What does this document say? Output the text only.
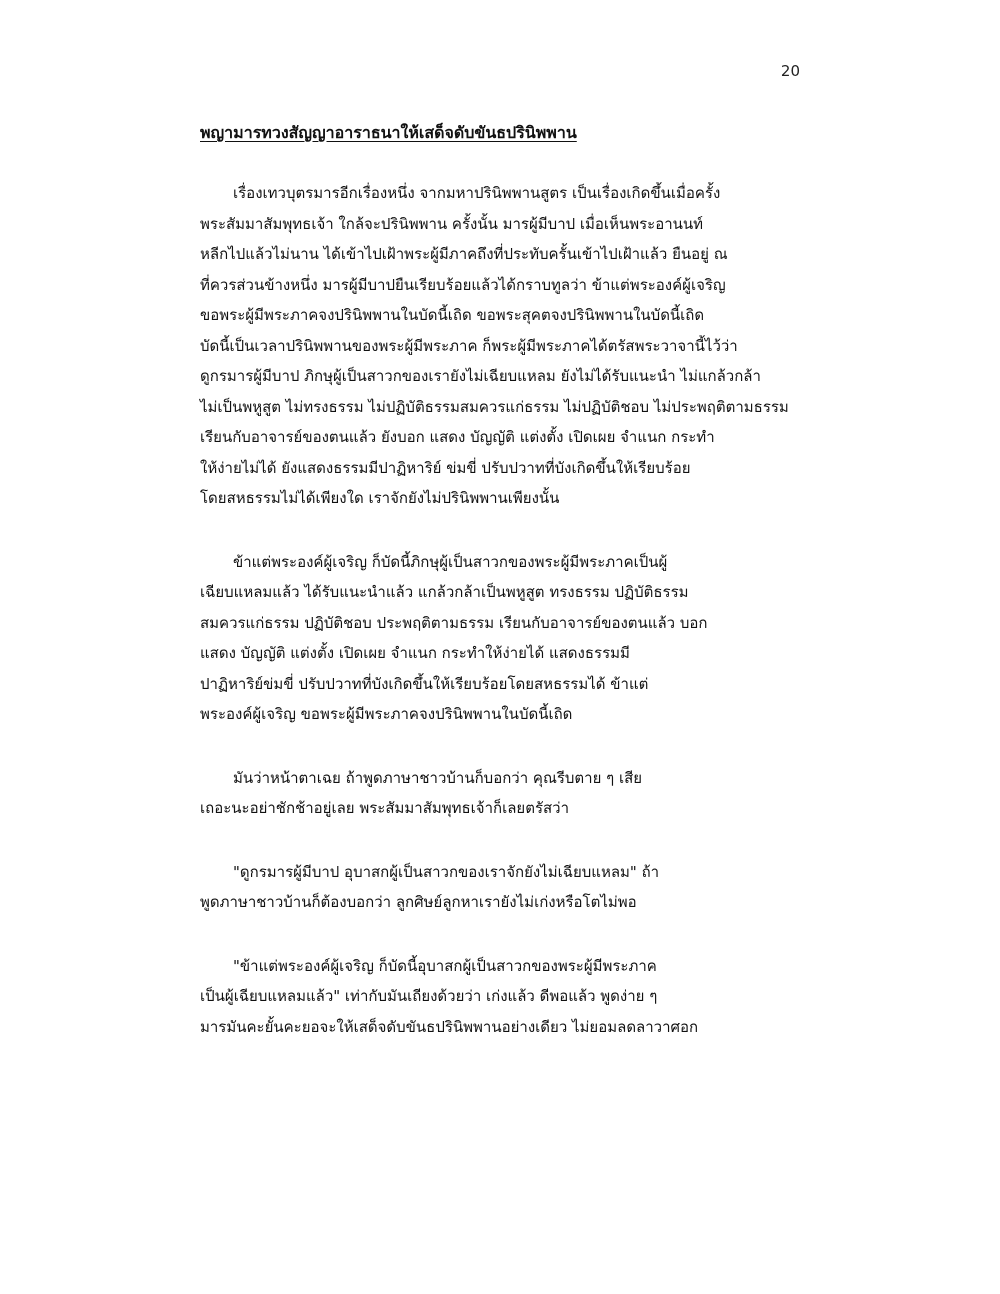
20
พญามารทวงสัญญาอาราธนาให้เสด็จดับขันธปรินิพพาน
เรื่องเทวบุตรมารอีกเรื่องหนึ่ง จากมหาปรินิพพานสูตร เป็นเรื่องเกิดขึ้นเมื่อครั้ง
พระสัมมาสัมพุทธเจ้า ใกล้จะปรินิพพาน ครั้งนั้น มารผู้มีบาป เมื่อเห็นพระอานนท์
หลีกไปแล้วไม่นาน ได้เข้าไปเฝ้าพระผู้มีภาคถึงที่ประทับครั้นเข้าไปเฝ้าแล้ว ยืนอยู่ ณ
ที่ควรส่วนข้างหนึ่ง มารผู้มีบาปยืนเรียบร้อยแล้วได้กราบทูลว่า ข้าแต่พระองค์ผู้เจริญ
ขอพระผู้มีพระภาคจงปรินิพพานในบัดนี้เถิด ขอพระสุคตจงปรินิพพานในบัดนี้เถิด
บัดนี้เป็นเวลาปรินิพพานของพระผู้มีพระภาค ก็พระผู้มีพระภาคได้ตรัสพระวาจานี้ไว้ว่า
ดูกรมารผู้มีบาป ภิกษุผู้เป็นสาวกของเรายังไม่เฉียบแหลม ยังไม่ได้รับแนะนำ ไม่แกล้วกล้า
ไม่เป็นพหูสูต ไม่ทรงธรรม ไม่ปฏิบัติธรรมสมควรแก่ธรรม ไม่ปฏิบัติชอบ ไม่ประพฤติตามธรรม
เรียนกับอาจารย์ของตนแล้ว ยังบอก แสดง บัญญัติ แต่งตั้ง เปิดเผย จำแนก กระทำ
ให้ง่ายไม่ได้ ยังแสดงธรรมมีปาฏิหาริย์ ข่มขี่ ปรับปวาทที่บังเกิดขึ้นให้เรียบร้อย
โดยสหธรรมไม่ได้เพียงใด เราจักยังไม่ปรินิพพานเพียงนั้น
ข้าแต่พระองค์ผู้เจริญ ก็บัดนี้ภิกษุผู้เป็นสาวกของพระผู้มีพระภาคเป็นผู้
เฉียบแหลมแล้ว ได้รับแนะนำแล้ว แกล้วกล้าเป็นพหูสูต ทรงธรรม ปฏิบัติธรรม
สมควรแก่ธรรม ปฏิบัติชอบ ประพฤติตามธรรม เรียนกับอาจารย์ของตนแล้ว บอก
แสดง บัญญัติ แต่งตั้ง เปิดเผย จำแนก กระทำให้ง่ายได้ แสดงธรรมมี
ปาฏิหาริย์ข่มขี่ ปรับปวาทที่บังเกิดขึ้นให้เรียบร้อยโดยสหธรรมได้ ข้าแต่
พระองค์ผู้เจริญ ขอพระผู้มีพระภาคจงปรินิพพานในบัดนี้เถิด
มันว่าหน้าตาเฉย ถ้าพูดภาษาชาวบ้านก็บอกว่า คุณรีบตาย ๆ เสีย
เถอะนะอย่าชักช้าอยู่เลย พระสัมมาสัมพุทธเจ้าก็เลยตรัสว่า
"ดูกรมารผู้มีบาป อุบาสกผู้เป็นสาวกของเราจักยังไม่เฉียบแหลม" ถ้า
พูดภาษาชาวบ้านก็ต้องบอกว่า ลูกศิษย์ลูกหาเรายังไม่เก่งหรือโตไม่พอ
"ข้าแต่พระองค์ผู้เจริญ ก็บัดนี้อุบาสกผู้เป็นสาวกของพระผู้มีพระภาค
เป็นผู้เฉียบแหลมแล้ว" เท่ากับมันเถียงด้วยว่า เก่งแล้ว ดีพอแล้ว พูดง่าย ๆ
มารมันคะยั้นคะยอจะให้เสด็จดับขันธปรินิพพานอย่างเดียว ไม่ยอมลดลาวาศอก
